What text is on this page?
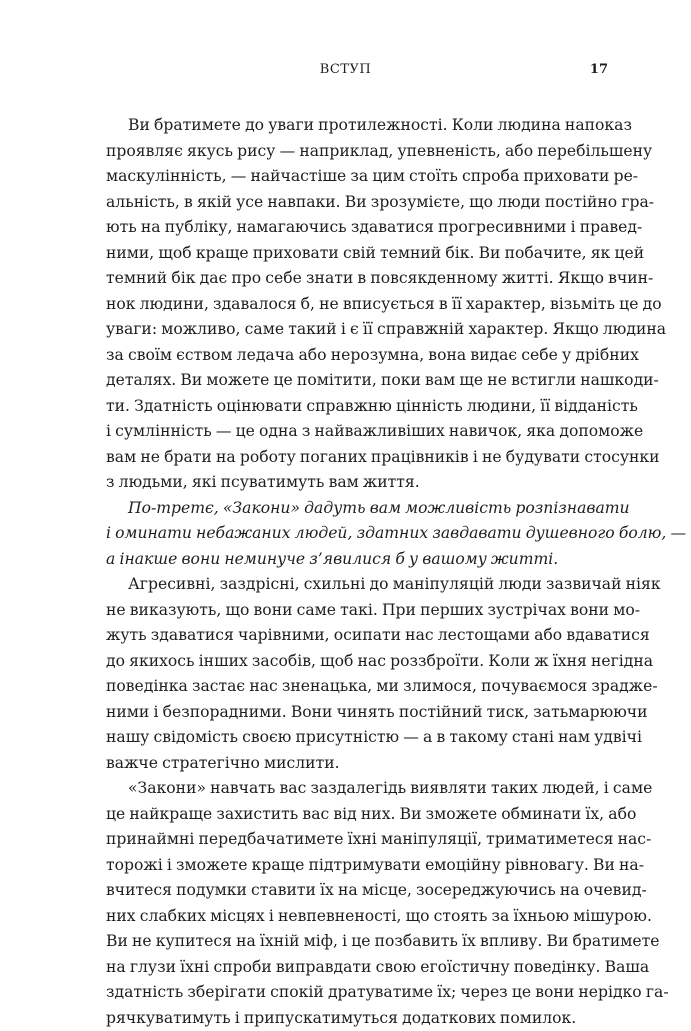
ВСТУП	17
Ви братимете до уваги протилежності. Коли людина напоказ
проявляє якусь рису — наприклад, упевненість, або перебільшену
маскулінність, — найчастіше за цим стоїть спроба приховати ре-
альність, в якій усе навпаки. Ви зрозумієте, що люди постійно гра-
ють на публіку, намагаючись здаватися прогресивними і правед-
ними, щоб краще приховати свій темний бік. Ви побачите, як цей
темний бік дає про себе знати в повсякденному житті. Якщо вчин-
нок людини, здавалося б, не вписується в її характер, візьміть це до
уваги: можливо, саме такий і є її справжній характер. Якщо людина
за своїм єством ледача або нерозумна, вона видає себе у дрібних
деталях. Ви можете це помітити, поки вам ще не встигли нашкоди-
ти. Здатність оцінювати справжню цінність людини, її відданість
і сумлінність — це одна з найважливіших навичок, яка допоможе
вам не брати на роботу поганих працівників і не будувати стосунки
з людьми, які псуватимуть вам життя.
По-третє, «Закони» дадуть вам можливість розпізнавати
і оминати небажаних людей, здатних завдавати душевного болю, —
а інакше вони неминуче з’явилися б у вашому житті.
Агресивні, заздрісні, схильні до маніпуляцій люди зазвичай ніяк
не виказують, що вони саме такі. При перших зустрічах вони мо-
жуть здаватися чарівними, осипати нас лестощами або вдаватися
до якихось інших засобів, щоб нас роззброїти. Коли ж їхня негідна
поведінка застає нас зненацька, ми злимося, почуваємося зраджe-
ними і безпорадними. Вони чинять постійний тиск, затьмарюючи
нашу свідомість своєю присутністю — а в такому стані нам удвічі
важче стратегічно мислити.
«Закони» навчать вас заздалегідь виявляти таких людей, і саме
це найкраще захистить вас від них. Ви зможете обминати їх, або
принаймні передбачатимете їхні маніпуляції, триматиметеся нас-
торожі і зможете краще підтримувати емоційну рівновагу. Ви на-
вчитеся подумки ставити їх на місце, зосереджуючись на очевид-
них слабких місцях і невпевненості, що стоять за їхньою мішурою.
Ви не купитеся на їхній міф, і це позбавить їх впливу. Ви братимете
на глузи їхні спроби виправдати свою егоїстичну поведінку. Ваша
здатність зберігати спокій дратуватиме їх; через це вони нерідко га-
рячкуватимуть і припускатимуться додаткових помилок.
